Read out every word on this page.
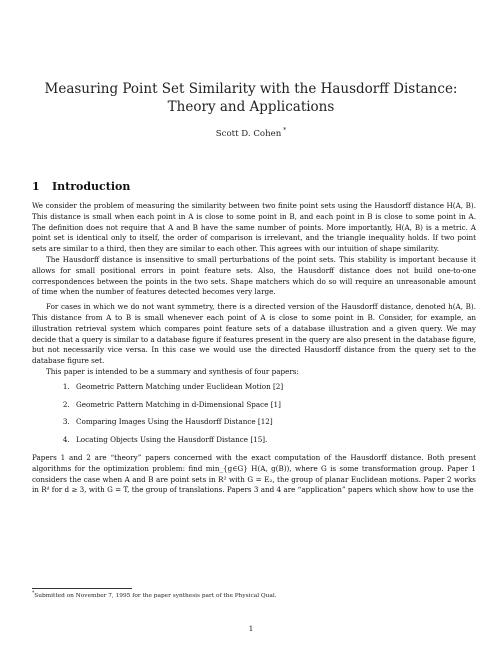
Measuring Point Set Similarity with the Hausdorff Distance:
Theory and Applications
Scott D. Cohen *
1 Introduction

We consider the problem of measuring the similarity between two finite point sets using the Hausdorff distance H(A, B). This distance is small when each point in A is close to some point in B, and each point in B is close to some point in A. The definition does not require that A and B have the same number of points. More importantly, H(A, B) is a metric. A point set is identical only to itself, the order of comparison is irrelevant, and the triangle inequality holds. If two point sets are similar to a third, then they are similar to each other. This agrees with our intuition of shape similarity.

The Hausdorff distance is insensitive to small perturbations of the point sets. This stability is important because it allows for small positional errors in point feature sets. Also, the Hausdorff distance does not build one-to-one correspondences between the points in the two sets. Shape matchers which do so will require an unreasonable amount of time when the number of features detected becomes very large.

For cases in which we do not want symmetry, there is a directed version of the Hausdorff distance, denoted h(A, B). This distance from A to B is small whenever each point of A is close to some point in B. Consider, for example, an illustration retrieval system which compares point feature sets of a database illustration and a given query. We may decide that a query is similar to a database figure if features present in the query are also present in the database figure, but not necessarily vice versa. In this case we would use the directed Hausdorff distance from the query set to the database figure set.

This paper is intended to be a summary and synthesis of four papers:

1. Geometric Pattern Matching under Euclidean Motion [2]
2. Geometric Pattern Matching in d-Dimensional Space [1]
3. Comparing Images Using the Hausdorff Distance [12]
4. Locating Objects Using the Hausdorff Distance [15].

Papers 1 and 2 are “theory” papers concerned with the exact computation of the Hausdorff distance. Both present algorithms for the optimization problem: find min_{g∈G} H(A, g(B)), where G is some transformation group. Paper 1 considers the case when A and B are point sets in R² with G = E₂, the group of planar Euclidean motions. Paper 2 works in Rᵈ for d ≥ 3, with G = T, the group of translations. Papers 3 and 4 are “application” papers which show how to use the

*Submitted on November 7, 1995 for the paper synthesis part of the Physical Qual.
1
